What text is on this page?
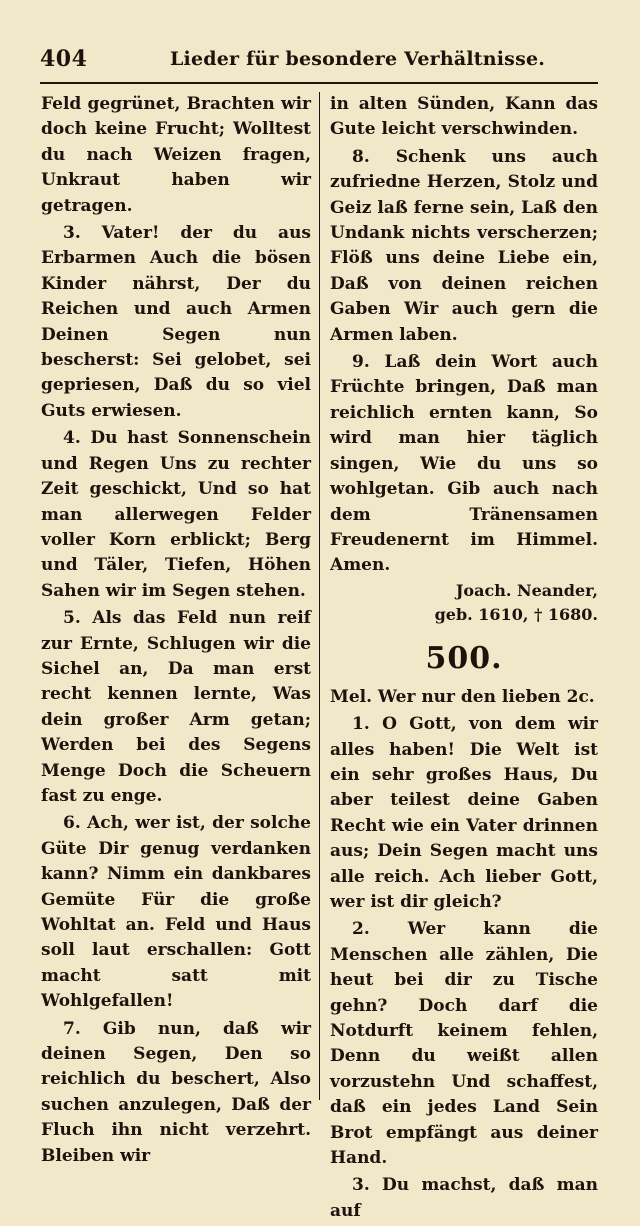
404	Lieder für besondere Verhältnisse.

Feld gegrünet, Brachten wir doch keine Frucht; Wolltest du nach Weizen fragen, Unkraut haben wir getragen.

3. Vater! der du aus Erbarmen Auch die bösen Kinder nährst, Der du Reichen und auch Armen Deinen Segen nun bescherst: Sei gelobet, sei gepriesen, Daß du so viel Guts erwiesen.

4. Du hast Sonnenschein und Regen Uns zu rechter Zeit geschickt, Und so hat man allerwegen Felder voller Korn erblickt; Berg und Täler, Tiefen, Höhen Sahen wir im Segen stehen.

5. Als das Feld nun reif zur Ernte, Schlugen wir die Sichel an, Da man erst recht kennen lernte, Was dein großer Arm getan; Werden bei des Segens Menge Doch die Scheuern fast zu enge.

6. Ach, wer ist, der solche Güte Dir genug verdanken kann? Nimm ein dankbares Gemüte Für die große Wohltat an. Feld und Haus soll laut erschallen: Gott macht satt mit Wohlgefallen!

7. Gib nun, daß wir deinen Segen, Den so reichlich du beschert, Also suchen anzulegen, Daß der Fluch ihn nicht verzehrt. Bleiben wir

in alten Sünden, Kann das Gute leicht verschwinden.

8. Schenk uns auch zufriedne Herzen, Stolz und Geiz laß ferne sein, Laß den Undank nichts verscherzen; Flöß uns deine Liebe ein, Daß von deinen reichen Gaben Wir auch gern die Armen laben.

9. Laß dein Wort auch Früchte bringen, Daß man reichlich ernten kann, So wird man hier täglich singen, Wie du uns so wohlgetan. Gib auch nach dem Tränensamen Freudenernt im Himmel. Amen.

Joach. Neander,
geb. 1610, † 1680.
500.

Mel. Wer nur den lieben 2c.

1. O Gott, von dem wir alles haben! Die Welt ist ein sehr großes Haus, Du aber teilest deine Gaben Recht wie ein Vater drinnen aus; Dein Segen macht uns alle reich. Ach lieber Gott, wer ist dir gleich?

2. Wer kann die Menschen alle zählen, Die heut bei dir zu Tische gehn? Doch darf die Notdurft keinem fehlen, Denn du weißt allen vorzustehn Und schaffest, daß ein jedes Land Sein Brot empfängt aus deiner Hand.

3. Du machst, daß man auf
